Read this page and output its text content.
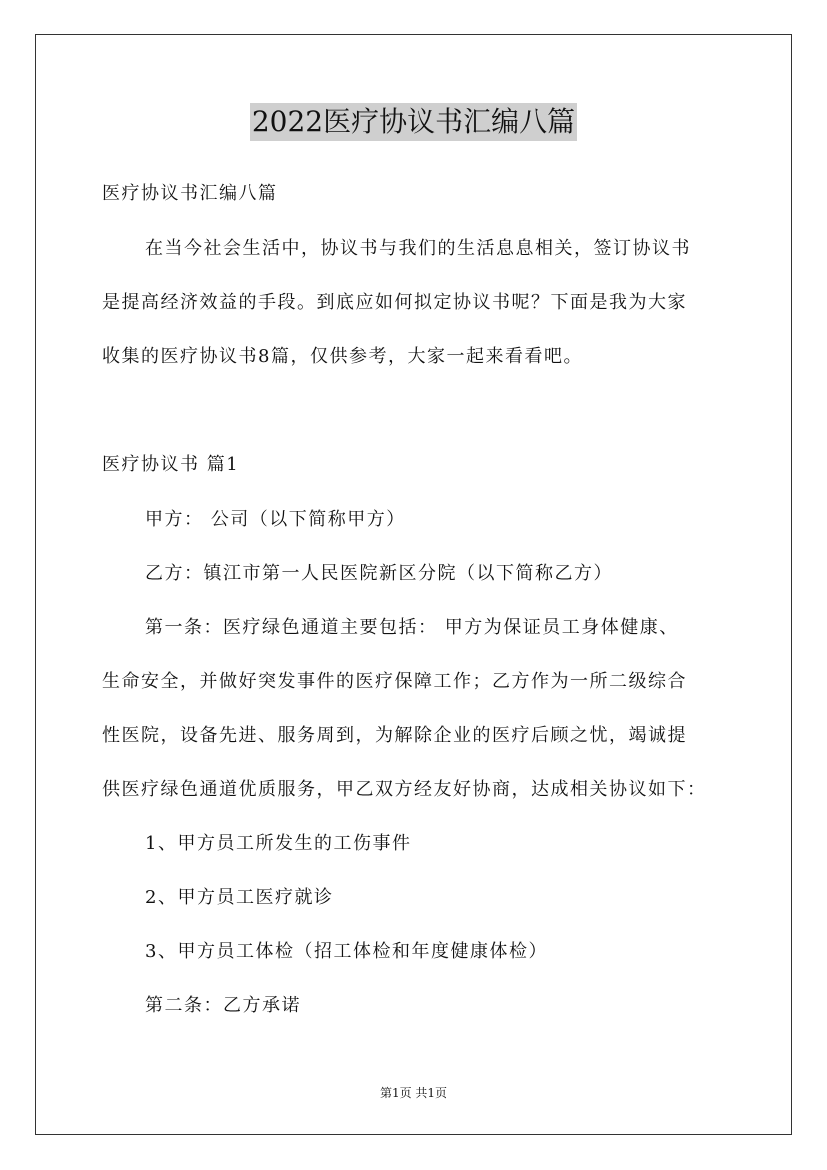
2022医疗协议书汇编八篇
医疗协议书汇编八篇
在当今社会生活中，协议书与我们的生活息息相关，签订协议书
是提高经济效益的手段。到底应如何拟定协议书呢？下面是我为大家
收集的医疗协议书8篇，仅供参考，大家一起来看看吧。
医疗协议书 篇1
甲方： 公司（以下简称甲方）
乙方：镇江市第一人民医院新区分院（以下简称乙方）
第一条：医疗绿色通道主要包括： 甲方为保证员工身体健康、
生命安全，并做好突发事件的医疗保障工作；乙方作为一所二级综合
性医院，设备先进、服务周到，为解除企业的医疗后顾之忧，竭诚提
供医疗绿色通道优质服务，甲乙双方经友好协商，达成相关协议如下：
1、甲方员工所发生的工伤事件
2、甲方员工医疗就诊
3、甲方员工体检（招工体检和年度健康体检）
第二条：乙方承诺
第1页 共1页
